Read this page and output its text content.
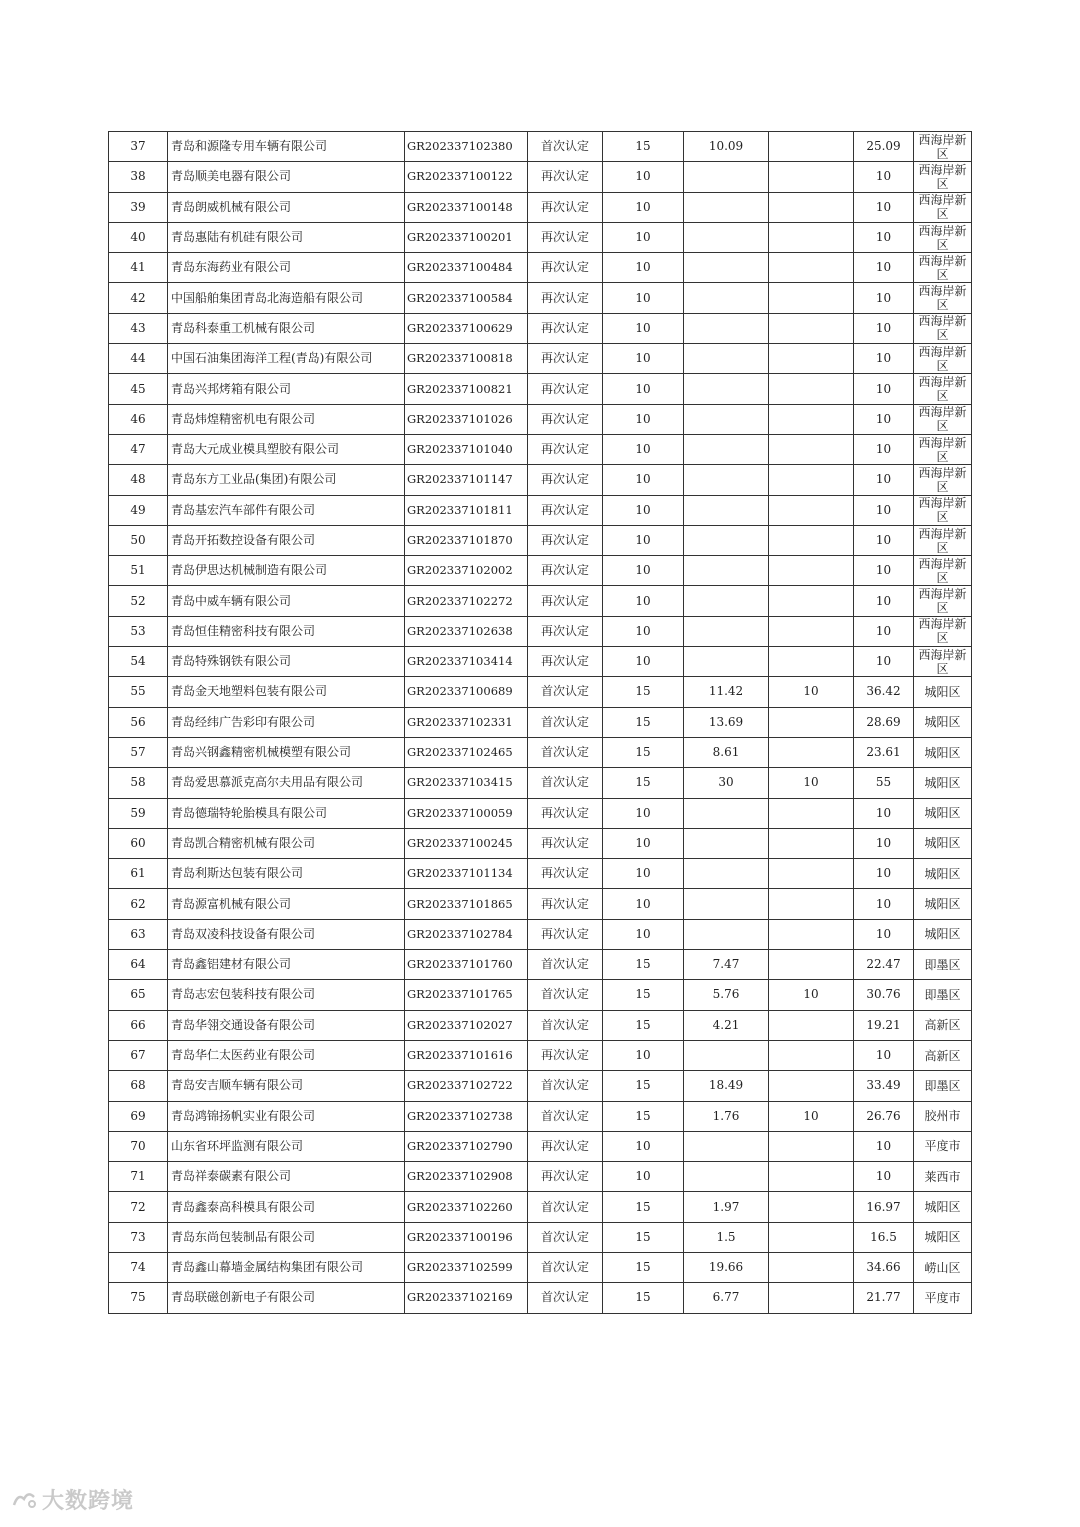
37	青岛和源隆专用车辆有限公司	GR202337102380	首次认定	15	10.09		25.09	西海岸新区
38	青岛顺美电器有限公司	GR202337100122	再次认定	10			10	西海岸新区
39	青岛朗威机械有限公司	GR202337100148	再次认定	10			10	西海岸新区
40	青岛惠陆有机硅有限公司	GR202337100201	再次认定	10			10	西海岸新区
41	青岛东海药业有限公司	GR202337100484	再次认定	10			10	西海岸新区
42	中国船舶集团青岛北海造船有限公司	GR202337100584	再次认定	10			10	西海岸新区
43	青岛科泰重工机械有限公司	GR202337100629	再次认定	10			10	西海岸新区
44	中国石油集团海洋工程(青岛)有限公司	GR202337100818	再次认定	10			10	西海岸新区
45	青岛兴邦烤箱有限公司	GR202337100821	再次认定	10			10	西海岸新区
46	青岛炜煌精密机电有限公司	GR202337101026	再次认定	10			10	西海岸新区
47	青岛大元成业模具塑胶有限公司	GR202337101040	再次认定	10			10	西海岸新区
48	青岛东方工业品(集团)有限公司	GR202337101147	再次认定	10			10	西海岸新区
49	青岛基宏汽车部件有限公司	GR202337101811	再次认定	10			10	西海岸新区
50	青岛开拓数控设备有限公司	GR202337101870	再次认定	10			10	西海岸新区
51	青岛伊思达机械制造有限公司	GR202337102002	再次认定	10			10	西海岸新区
52	青岛中威车辆有限公司	GR202337102272	再次认定	10			10	西海岸新区
53	青岛恒佳精密科技有限公司	GR202337102638	再次认定	10			10	西海岸新区
54	青岛特殊钢铁有限公司	GR202337103414	再次认定	10			10	西海岸新区
55	青岛金天地塑料包装有限公司	GR202337100689	首次认定	15	11.42	10	36.42	城阳区
56	青岛经纬广告彩印有限公司	GR202337102331	首次认定	15	13.69		28.69	城阳区
57	青岛兴钢鑫精密机械模塑有限公司	GR202337102465	首次认定	15	8.61		23.61	城阳区
58	青岛爱思慕派克高尔夫用品有限公司	GR202337103415	首次认定	15	30	10	55	城阳区
59	青岛德瑞特轮胎模具有限公司	GR202337100059	再次认定	10			10	城阳区
60	青岛凯合精密机械有限公司	GR202337100245	再次认定	10			10	城阳区
61	青岛利斯达包装有限公司	GR202337101134	再次认定	10			10	城阳区
62	青岛源富机械有限公司	GR202337101865	再次认定	10			10	城阳区
63	青岛双凌科技设备有限公司	GR202337102784	再次认定	10			10	城阳区
64	青岛鑫铝建材有限公司	GR202337101760	首次认定	15	7.47		22.47	即墨区
65	青岛志宏包装科技有限公司	GR202337101765	首次认定	15	5.76	10	30.76	即墨区
66	青岛华翎交通设备有限公司	GR202337102027	首次认定	15	4.21		19.21	高新区
67	青岛华仁太医药业有限公司	GR202337101616	再次认定	10			10	高新区
68	青岛安吉顺车辆有限公司	GR202337102722	首次认定	15	18.49		33.49	即墨区
69	青岛鸿锦扬帆实业有限公司	GR202337102738	首次认定	15	1.76	10	26.76	胶州市
70	山东省环坪监测有限公司	GR202337102790	再次认定	10			10	平度市
71	青岛祥泰碳素有限公司	GR202337102908	再次认定	10			10	莱西市
72	青岛鑫泰高科模具有限公司	GR202337102260	首次认定	15	1.97		16.97	城阳区
73	青岛东尚包装制品有限公司	GR202337100196	首次认定	15	1.5		16.5	城阳区
74	青岛鑫山幕墙金属结构集团有限公司	GR202337102599	首次认定	15	19.66		34.66	崂山区
75	青岛联磁创新电子有限公司	GR202337102169	首次认定	15	6.77		21.77	平度市
大数跨境
